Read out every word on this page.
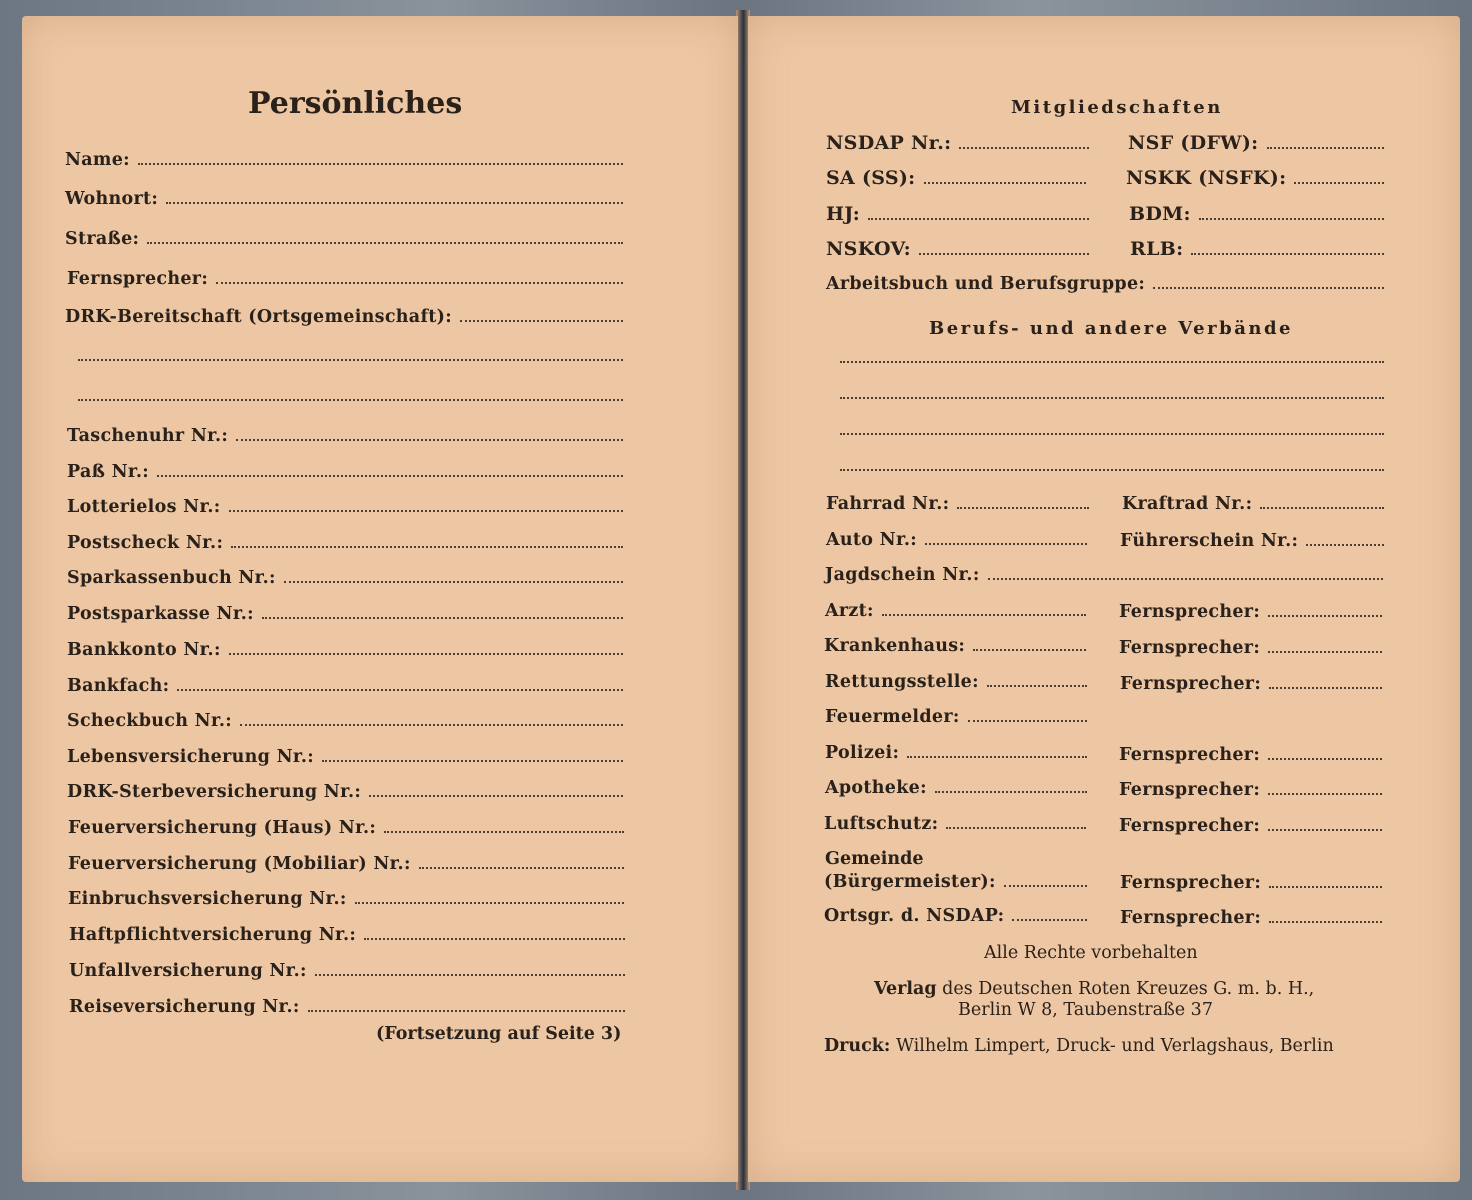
Persönliches
Name:
Wohnort:
Straße:
Fernsprecher:
DRK-Bereitschaft (Ortsgemeinschaft):
Taschenuhr Nr.:
Paß Nr.:
Lotterielos Nr.:
Postscheck Nr.:
Sparkassenbuch Nr.:
Postsparkasse Nr.:
Bankkonto Nr.:
Bankfach:
Scheckbuch Nr.:
Lebensversicherung Nr.:
DRK-Sterbeversicherung Nr.:
Feuerversicherung (Haus) Nr.:
Feuerversicherung (Mobiliar) Nr.:
Einbruchsversicherung Nr.:
Haftpflichtversicherung Nr.:
Unfallversicherung Nr.:
Reiseversicherung Nr.:
(Fortsetzung auf Seite 3)
Mitgliedschaften
NSDAP Nr.:	NSF (DFW):
SA (SS):	NSKK (NSFK):
HJ:	BDM:
NSKOV:	RLB:
Arbeitsbuch und Berufsgruppe:
Berufs- und andere Verbände
Fahrrad Nr.:	Kraftrad Nr.:
Auto Nr.:	Führerschein Nr.:
Jagdschein Nr.:
Arzt:	Fernsprecher:
Krankenhaus:	Fernsprecher:
Rettungsstelle:	Fernsprecher:
Feuermelder:
Polizei:	Fernsprecher:
Apotheke:	Fernsprecher:
Luftschutz:	Fernsprecher:
Gemeinde
(Bürgermeister):	Fernsprecher:
Ortsgr. d. NSDAP:	Fernsprecher:
Alle Rechte vorbehalten
Verlag des Deutschen Roten Kreuzes G. m. b. H.,
Berlin W 8, Taubenstraße 37
Druck: Wilhelm Limpert, Druck- und Verlagshaus, Berlin
